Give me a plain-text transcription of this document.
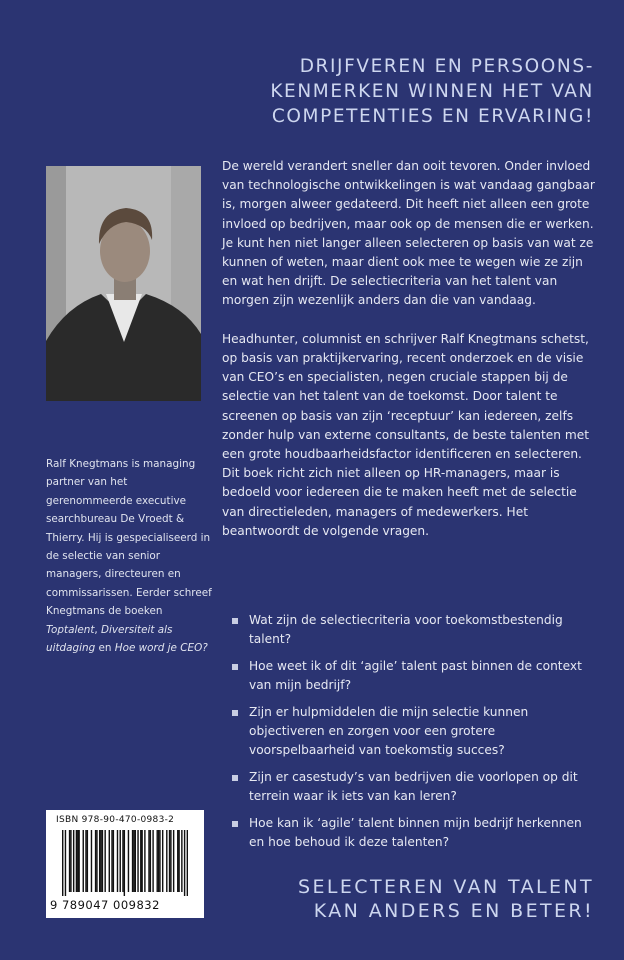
DRIJFVEREN EN PERSOONS-
KENMERKEN WINNEN HET VAN
COMPETENTIES EN ERVARING!
Ralf Knegtmans is managing partner van het gerenommeerde executive searchbureau De Vroedt & Thierry. Hij is gespecialiseerd in de selectie van senior managers, directeuren en commissarissen. Eerder schreef Knegtmans de boeken Toptalent, Diversiteit als uitdaging en Hoe word je CEO?

De wereld verandert sneller dan ooit tevoren. Onder invloed van technologische ontwikkelingen is wat vandaag gangbaar is, morgen alweer gedateerd. Dit heeft niet alleen een grote invloed op bedrijven, maar ook op de mensen die er werken. Je kunt hen niet langer alleen selecteren op basis van wat ze kunnen of weten, maar dient ook mee te wegen wie ze zijn en wat hen drijft. De selectiecriteria van het talent van morgen zijn wezenlijk anders dan die van vandaag.

Headhunter, columnist en schrijver Ralf Knegtmans schetst, op basis van praktijkervaring, recent onderzoek en de visie van CEO’s en specialisten, negen cruciale stappen bij de selectie van het talent van de toekomst. Door talent te screenen op basis van zijn ‘receptuur’ kan iedereen, zelfs zonder hulp van externe consultants, de beste talenten met een grote houdbaarheidsfactor identificeren en selecteren. Dit boek richt zich niet alleen op HR-managers, maar is bedoeld voor iedereen die te maken heeft met de selectie van directieleden, managers of medewerkers. Het beantwoordt de volgende vragen.

Wat zijn de selectiecriteria voor toekomstbestendig talent?
Hoe weet ik of dit ‘agile’ talent past binnen de context van mijn bedrijf?
Zijn er hulpmiddelen die mijn selectie kunnen objectiveren en zorgen voor een grotere voorspelbaarheid van toekomstig succes?
Zijn er casestudy’s van bedrijven die voorlopen op dit terrein waar ik iets van kan leren?
Hoe kan ik ‘agile’ talent binnen mijn bedrijf herkennen en hoe behoud ik deze talenten?
ISBN 978-90-470-0983-2
9 789047 009832
SELECTEREN VAN TALENT
KAN ANDERS EN BETER!
